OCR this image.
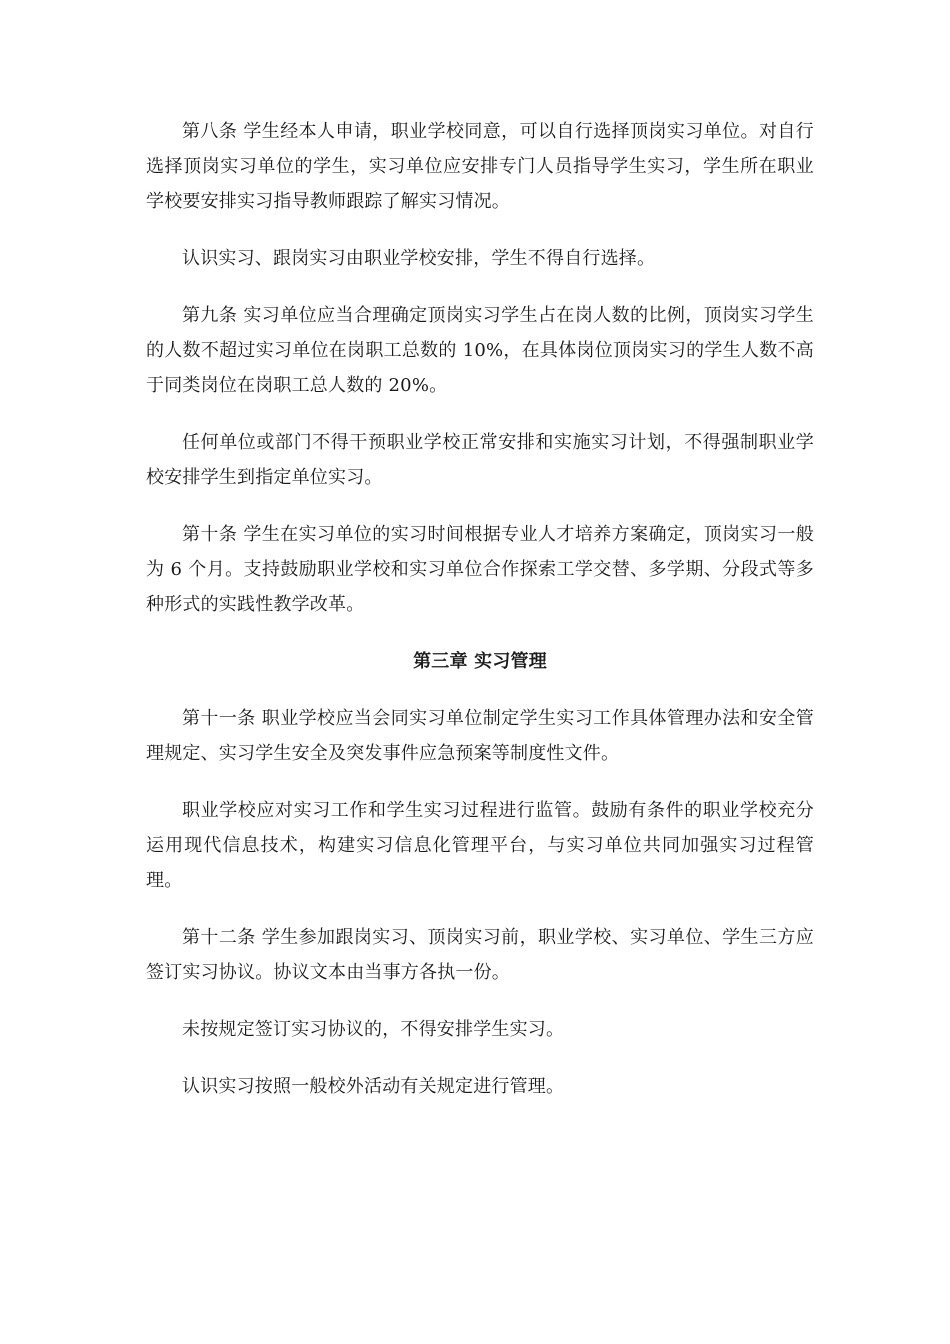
第八条 学生经本人申请，职业学校同意，可以自行选择顶岗实习单位。对自行选择顶岗实习单位的学生，实习单位应安排专门人员指导学生实习，学生所在职业学校要安排实习指导教师跟踪了解实习情况。

认识实习、跟岗实习由职业学校安排，学生不得自行选择。

第九条 实习单位应当合理确定顶岗实习学生占在岗人数的比例，顶岗实习学生的人数不超过实习单位在岗职工总数的 10%，在具体岗位顶岗实习的学生人数不高于同类岗位在岗职工总人数的 20%。

任何单位或部门不得干预职业学校正常安排和实施实习计划，不得强制职业学校安排学生到指定单位实习。

第十条 学生在实习单位的实习时间根据专业人才培养方案确定，顶岗实习一般为 6 个月。支持鼓励职业学校和实习单位合作探索工学交替、多学期、分段式等多种形式的实践性教学改革。

第三章 实习管理

第十一条 职业学校应当会同实习单位制定学生实习工作具体管理办法和安全管理规定、实习学生安全及突发事件应急预案等制度性文件。

职业学校应对实习工作和学生实习过程进行监管。鼓励有条件的职业学校充分运用现代信息技术，构建实习信息化管理平台，与实习单位共同加强实习过程管理。

第十二条 学生参加跟岗实习、顶岗实习前，职业学校、实习单位、学生三方应签订实习协议。协议文本由当事方各执一份。

未按规定签订实习协议的，不得安排学生实习。

认识实习按照一般校外活动有关规定进行管理。
